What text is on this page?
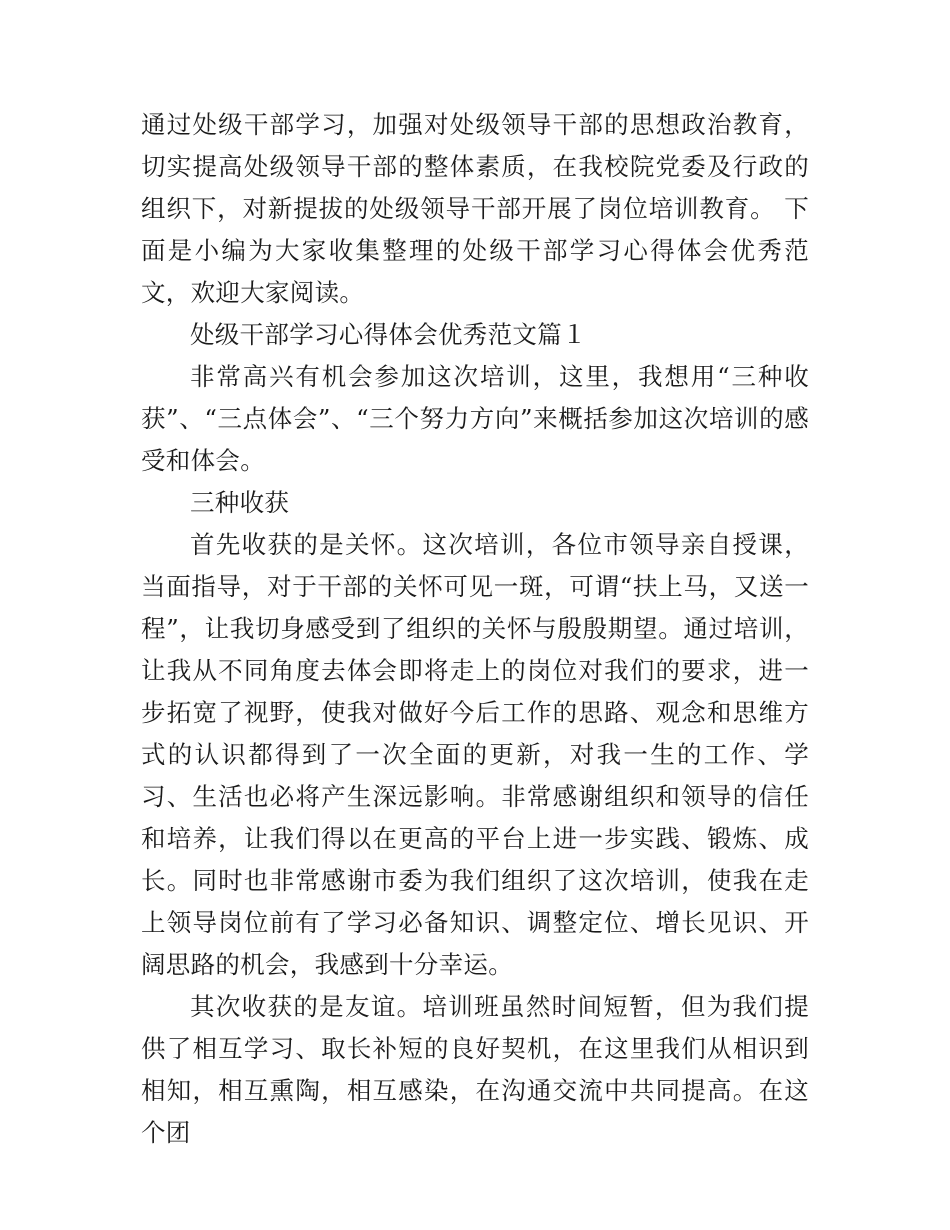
通过处级干部学习，加强对处级领导干部的思想政治教育，切实提高处级领导干部的整体素质，在我校院党委及行政的组织下，对新提拔的处级领导干部开展了岗位培训教育。 下面是小编为大家收集整理的处级干部学习心得体会优秀范文，欢迎大家阅读。

处级干部学习心得体会优秀范文篇１

非常高兴有机会参加这次培训，这里，我想用“三种收获”、“三点体会”、“三个努力方向”来概括参加这次培训的感受和体会。

三种收获

首先收获的是关怀。这次培训，各位市领导亲自授课，当面指导，对于干部的关怀可见一斑，可谓“扶上马，又送一程”，让我切身感受到了组织的关怀与殷殷期望。通过培训，让我从不同角度去体会即将走上的岗位对我们的要求，进一步拓宽了视野，使我对做好今后工作的思路、观念和思维方式的认识都得到了一次全面的更新，对我一生的工作、学习、生活也必将产生深远影响。非常感谢组织和领导的信任和培养，让我们得以在更高的平台上进一步实践、锻炼、成长。同时也非常感谢市委为我们组织了这次培训，使我在走上领导岗位前有了学习必备知识、调整定位、增长见识、开阔思路的机会，我感到十分幸运。

其次收获的是友谊。培训班虽然时间短暂，但为我们提供了相互学习、取长补短的良好契机，在这里我们从相识到相知，相互熏陶，相互感染，在沟通交流中共同提高。在这个团
